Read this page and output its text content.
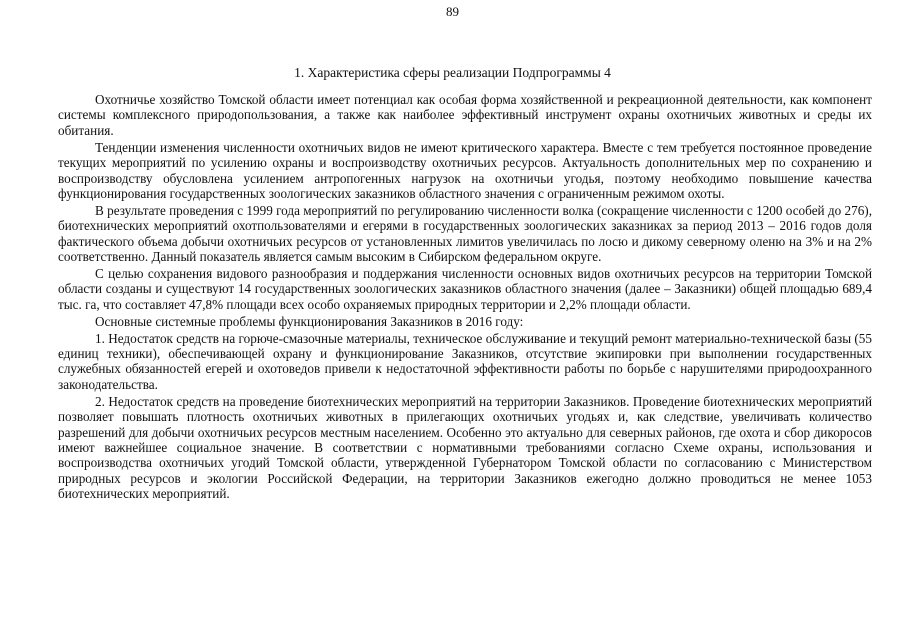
89
1. Характеристика сферы реализации Подпрограммы 4

Охотничье хозяйство Томской области имеет потенциал как особая форма хозяйственной и рекреационной деятельности, как компонент системы комплексного природопользования, а также как наиболее эффективный инструмент охраны охотничьих животных и среды их обитания.

Тенденции изменения численности охотничьих видов не имеют критического характера. Вместе с тем требуется постоянное проведение текущих мероприятий по усилению охраны и воспроизводству охотничьих ресурсов. Актуальность дополнительных мер по сохранению и воспроизводству обусловлена усилением антропогенных нагрузок на охотничьи угодья, поэтому необходимо повышение качества функционирования государственных зоологических заказников областного значения с ограниченным режимом охоты.

В результате проведения с 1999 года мероприятий по регулированию численности волка (сокращение численности с 1200 особей до 276), биотехнических мероприятий охотпользователями и егерями в государственных зоологических заказниках за период 2013 – 2016 годов доля фактического объема добычи охотничьих ресурсов от установленных лимитов увеличилась по лосю и дикому северному оленю на 3% и на 2% соответственно. Данный показатель является самым высоким в Сибирском федеральном округе.

С целью сохранения видового разнообразия и поддержания численности основных видов охотничьих ресурсов на территории Томской области созданы и существуют 14 государственных зоологических заказников областного значения (далее – Заказники) общей площадью 689,4 тыс. га, что составляет 47,8% площади всех особо охраняемых природных территории и 2,2% площади области.

Основные системные проблемы функционирования Заказников в 2016 году:

1. Недостаток средств на горюче-смазочные материалы, техническое обслуживание и текущий ремонт материально-технической базы (55 единиц техники), обеспечивающей охрану и функционирование Заказников, отсутствие экипировки при выполнении государственных служебных обязанностей егерей и охотоведов привели к недостаточной эффективности работы по борьбе с нарушителями природоохранного законодательства.

2. Недостаток средств на проведение биотехнических мероприятий на территории Заказников. Проведение биотехнических мероприятий позволяет повышать плотность охотничьих животных в прилегающих охотничьих угодьях и, как следствие, увеличивать количество разрешений для добычи охотничьих ресурсов местным населением. Особенно это актуально для северных районов, где охота и сбор дикоросов имеют важнейшее социальное значение. В соответствии с нормативными требованиями согласно Схеме охраны, использования и воспроизводства охотничьих угодий Томской области, утвержденной Губернатором Томской области по согласованию с Министерством природных ресурсов и экологии Российской Федерации, на территории Заказников ежегодно должно проводиться не менее 1053 биотехнических мероприятий.
